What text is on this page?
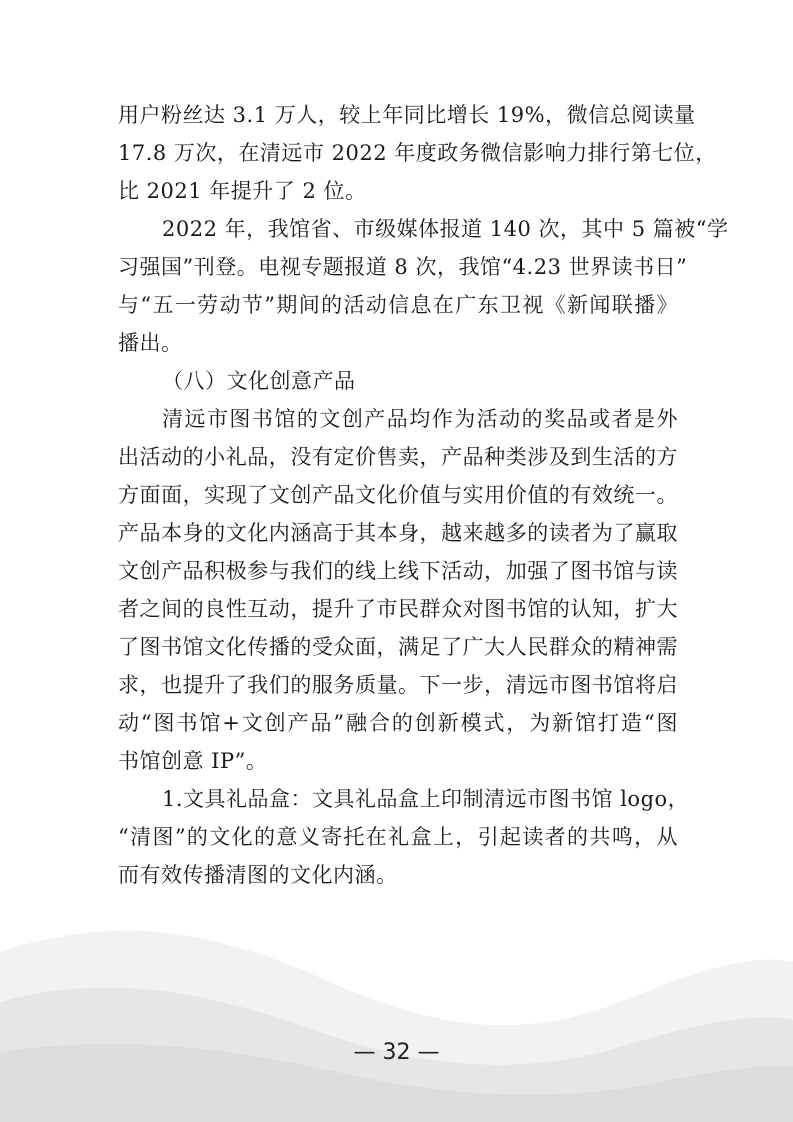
用户粉丝达 3.1 万人，较上年同比增长 19%，微信总阅读量
17.8 万次，在清远市 2022 年度政务微信影响力排行第七位，
比 2021 年提升了 2 位。
2022 年，我馆省、市级媒体报道 140 次，其中 5 篇被“学
习强国”刊登。电视专题报道 8 次，我馆“4.23 世界读书日”
与“五一劳动节”期间的活动信息在广东卫视《新闻联播》
播出。
（八）文化创意产品
清远市图书馆的文创产品均作为活动的奖品或者是外
出活动的小礼品，没有定价售卖，产品种类涉及到生活的方
方面面，实现了文创产品文化价值与实用价值的有效统一。
产品本身的文化内涵高于其本身，越来越多的读者为了赢取
文创产品积极参与我们的线上线下活动，加强了图书馆与读
者之间的良性互动，提升了市民群众对图书馆的认知，扩大
了图书馆文化传播的受众面，满足了广大人民群众的精神需
求，也提升了我们的服务质量。下一步，清远市图书馆将启
动“图书馆+文创产品”融合的创新模式，为新馆打造“图
书馆创意 IP”。
1.文具礼品盒：文具礼品盒上印制清远市图书馆 logo，
“清图”的文化的意义寄托在礼盒上，引起读者的共鸣，从
而有效传播清图的文化内涵。
— 32 —
